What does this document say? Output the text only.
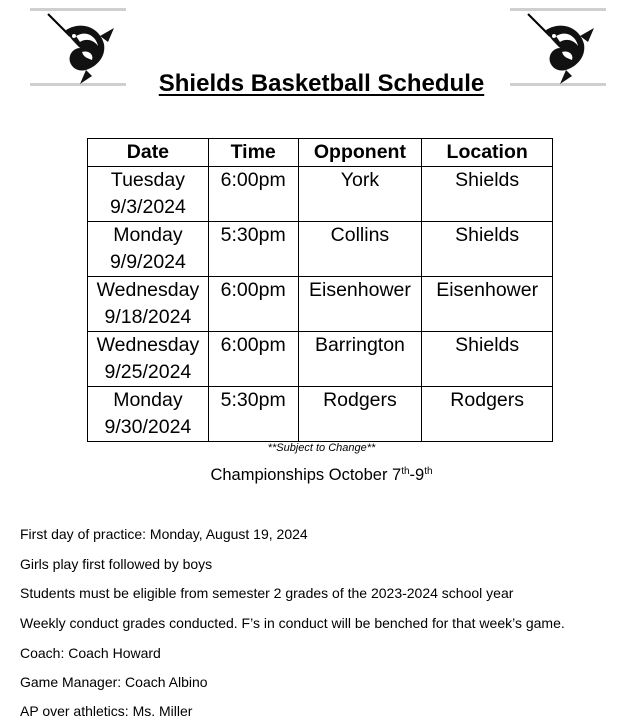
Shields Basketball Schedule
Date	Time	Opponent	Location
Tuesday
9/3/2024	6:00pm	York	Shields
Monday
9/9/2024	5:30pm	Collins	Shields
Wednesday
9/18/2024	6:00pm	Eisenhower	Eisenhower
Wednesday
9/25/2024	6:00pm	Barrington	Shields
Monday
9/30/2024	5:30pm	Rodgers	Rodgers
**Subject to Change**
Championships October 7th-9th
First day of practice: Monday, August 19, 2024
Girls play first followed by boys
Students must be eligible from semester 2 grades of the 2023-2024 school year
Weekly conduct grades conducted. F’s in conduct will be benched for that week’s game.
Coach: Coach Howard
Game Manager: Coach Albino
AP over athletics: Ms. Miller
